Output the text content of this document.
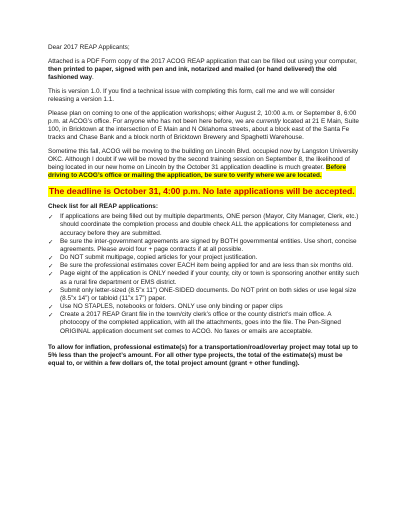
Dear 2017 REAP Applicants;

Attached is a PDF Form copy of the 2017 ACOG REAP application that can be filled out using your computer, then printed to paper, signed with pen and ink, notarized and mailed (or hand delivered) the old fashioned way.

This is version 1.0. If you find a technical issue with completing this form, call me and we will consider releasing a version 1.1.

Please plan on coming to one of the application workshops; either August 2, 10:00 a.m. or September 8, 6:00 p.m. at ACOG’s office. For anyone who has not been here before, we are currently located at 21 E Main, Suite 100, in Bricktown at the intersection of E Main and N Oklahoma streets, about a block east of the Santa Fe tracks and Chase Bank and a block north of Bricktown Brewery and Spaghetti Warehouse.

Sometime this fall, ACOG will be moving to the building on Lincoln Blvd. occupied now by Langston University OKC. Although I doubt if we will be moved by the second training session on September 8, the likelihood of being located in our new home on Lincoln by the October 31 application deadline is much greater. Before driving to ACOG’s office or mailing the application, be sure to verify where we are located.

The deadline is October 31, 4:00 p.m. No late applications will be accepted.
Check list for all REAP applications:
✓ If applications are being filled out by multiple departments, ONE person (Mayor, City Manager, Clerk, etc.) should coordinate the completion process and double check ALL the applications for completeness and accuracy before they are submitted.
✓ Be sure the inter-government agreements are signed by BOTH governmental entities. Use short, concise agreements. Please avoid four + page contracts if at all possible.
✓ Do NOT submit multipage, copied articles for your project justification.
✓ Be sure the professional estimates cover EACH item being applied for and are less than six months old.
✓ Page eight of the application is ONLY needed if your county, city or town is sponsoring another entity such as a rural fire department or EMS district.
✓ Submit only letter-sized (8.5”x 11”) ONE-SIDED documents. Do NOT print on both sides or use legal size (8.5”x 14”) or tabloid (11”x 17”) paper.
✓ Use NO STAPLES, notebooks or folders. ONLY use only binding or paper clips
✓ Create a 2017 REAP Grant file in the town/city clerk’s office or the county district’s main office. A photocopy of the completed application, with all the attachments, goes into the file. The Pen-Signed ORIGINAL application document set comes to ACOG. No faxes or emails are acceptable.

To allow for inflation, professional estimate(s) for a transportation/road/overlay project may total up to 5% less than the project’s amount. For all other type projects, the total of the estimate(s) must be equal to, or within a few dollars of, the total project amount (grant + other funding).
